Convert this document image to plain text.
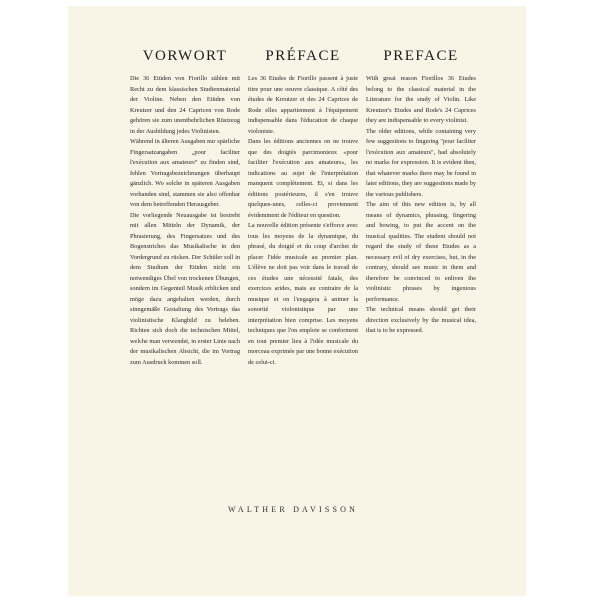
VORWORT

Die 36 Etüden von Fiorillo zählen mit Recht zu dem klassischen Studienmaterial der Violine. Neben den Etüden von Kreutzer und den 24 Capricen von Rode gehören sie zum unentbehrlichen Rüstzeug in der Ausbildung jedes Violinisten.

Während in älteren Ausgaben nur spärliche Fingersatzangaben „pour faciliter l'exécution aux amateurs“ zu finden sind, fehlen Vortragsbezeichnungen überhaupt gänzlich. Wo solche in späteren Ausgaben vorhanden sind, stammen sie also offenbar von dem betreffenden Herausgeber.

Die vorliegende Neuausgabe ist bestrebt mit allen Mitteln der Dynamik, der Phrasierung, des Fingersatzes und des Bogenstriches das Musikalische in den Vordergrund zu rücken. Der Schüler soll in dem Studium der Etüden nicht ein notwendiges Übel von trockenen Übungen, sondern im Gegenteil Musik erblicken und möge dazu angehalten werden, durch sinngemäße Gestaltung des Vortrags das violinistische Klangbild zu beleben. Richten sich doch die technischen Mittel, welche man verwendet, in erster Linie nach der musikalischen Absicht, die im Vortrag zum Ausdruck kommen soll.

PRÉFACE

Les 36 Etudes de Fiorillo passent à juste titre pour une oeuvre classique. A côté des études de Kreutzer et des 24 Caprices de Rode elles appartiennent à l'équipement indispensable dans l'éducation de chaque violoniste.

Dans les éditions anciennes on ne trouve que des doigtés parcimonieux «pour faciliter l'exécution aux amateurs», les indications au sujet de l'interprétation manquent complètement. Et, si dans les éditions postérieures, il s'en trouve quelques-unes, celles-ci proviennent évidemment de l'éditeur en question.

La nouvelle édition présente s'efforce avec tous les moyens de la dynamique, du phrasé, du doigté et du coup d'archet de placer l'idée musicale au premier plan. L'élève ne doit pas voir dans le travail de ces études une nécessité fatale, des exercices arides, mais au contraire de la musique et on l'engagera à animer la sonorité violonistique par une interprétation bien comprise. Les moyens techniques que l'on emploie se conforment en tout premier lieu à l'idée musicale du morceau exprimée par une bonne exécution de celui-ci.

PREFACE

With great reason Fiorillos 36 Etudes belong to the classical material in the Literature for the study of Violin. Like Kreutzer's Etudes and Rode's 24 Caprices they are indispensable to every violinist.

The older editions, while containing very few suggestions to fingering "pour faciliter l'exécution aux amateurs", had absolutely no marks for expression. It is evident then, that whatever marks there may be found in later editions, they are suggestions made by the various publishers.

The aim of this new edition is, by all means of dynamics, phrasing, fingering and bowing, to put the accent on the musical qualities. The student should not regard the study of these Etudes as a necessary evil of dry exercises, but, in the contrary, should see music in them and therefore be convinced to enliven the violinistic phrases by ingenious performance.

The technical means should get their direction exclusively by the musical idea, that is to be expressed.

WALTHER DAVISSON
